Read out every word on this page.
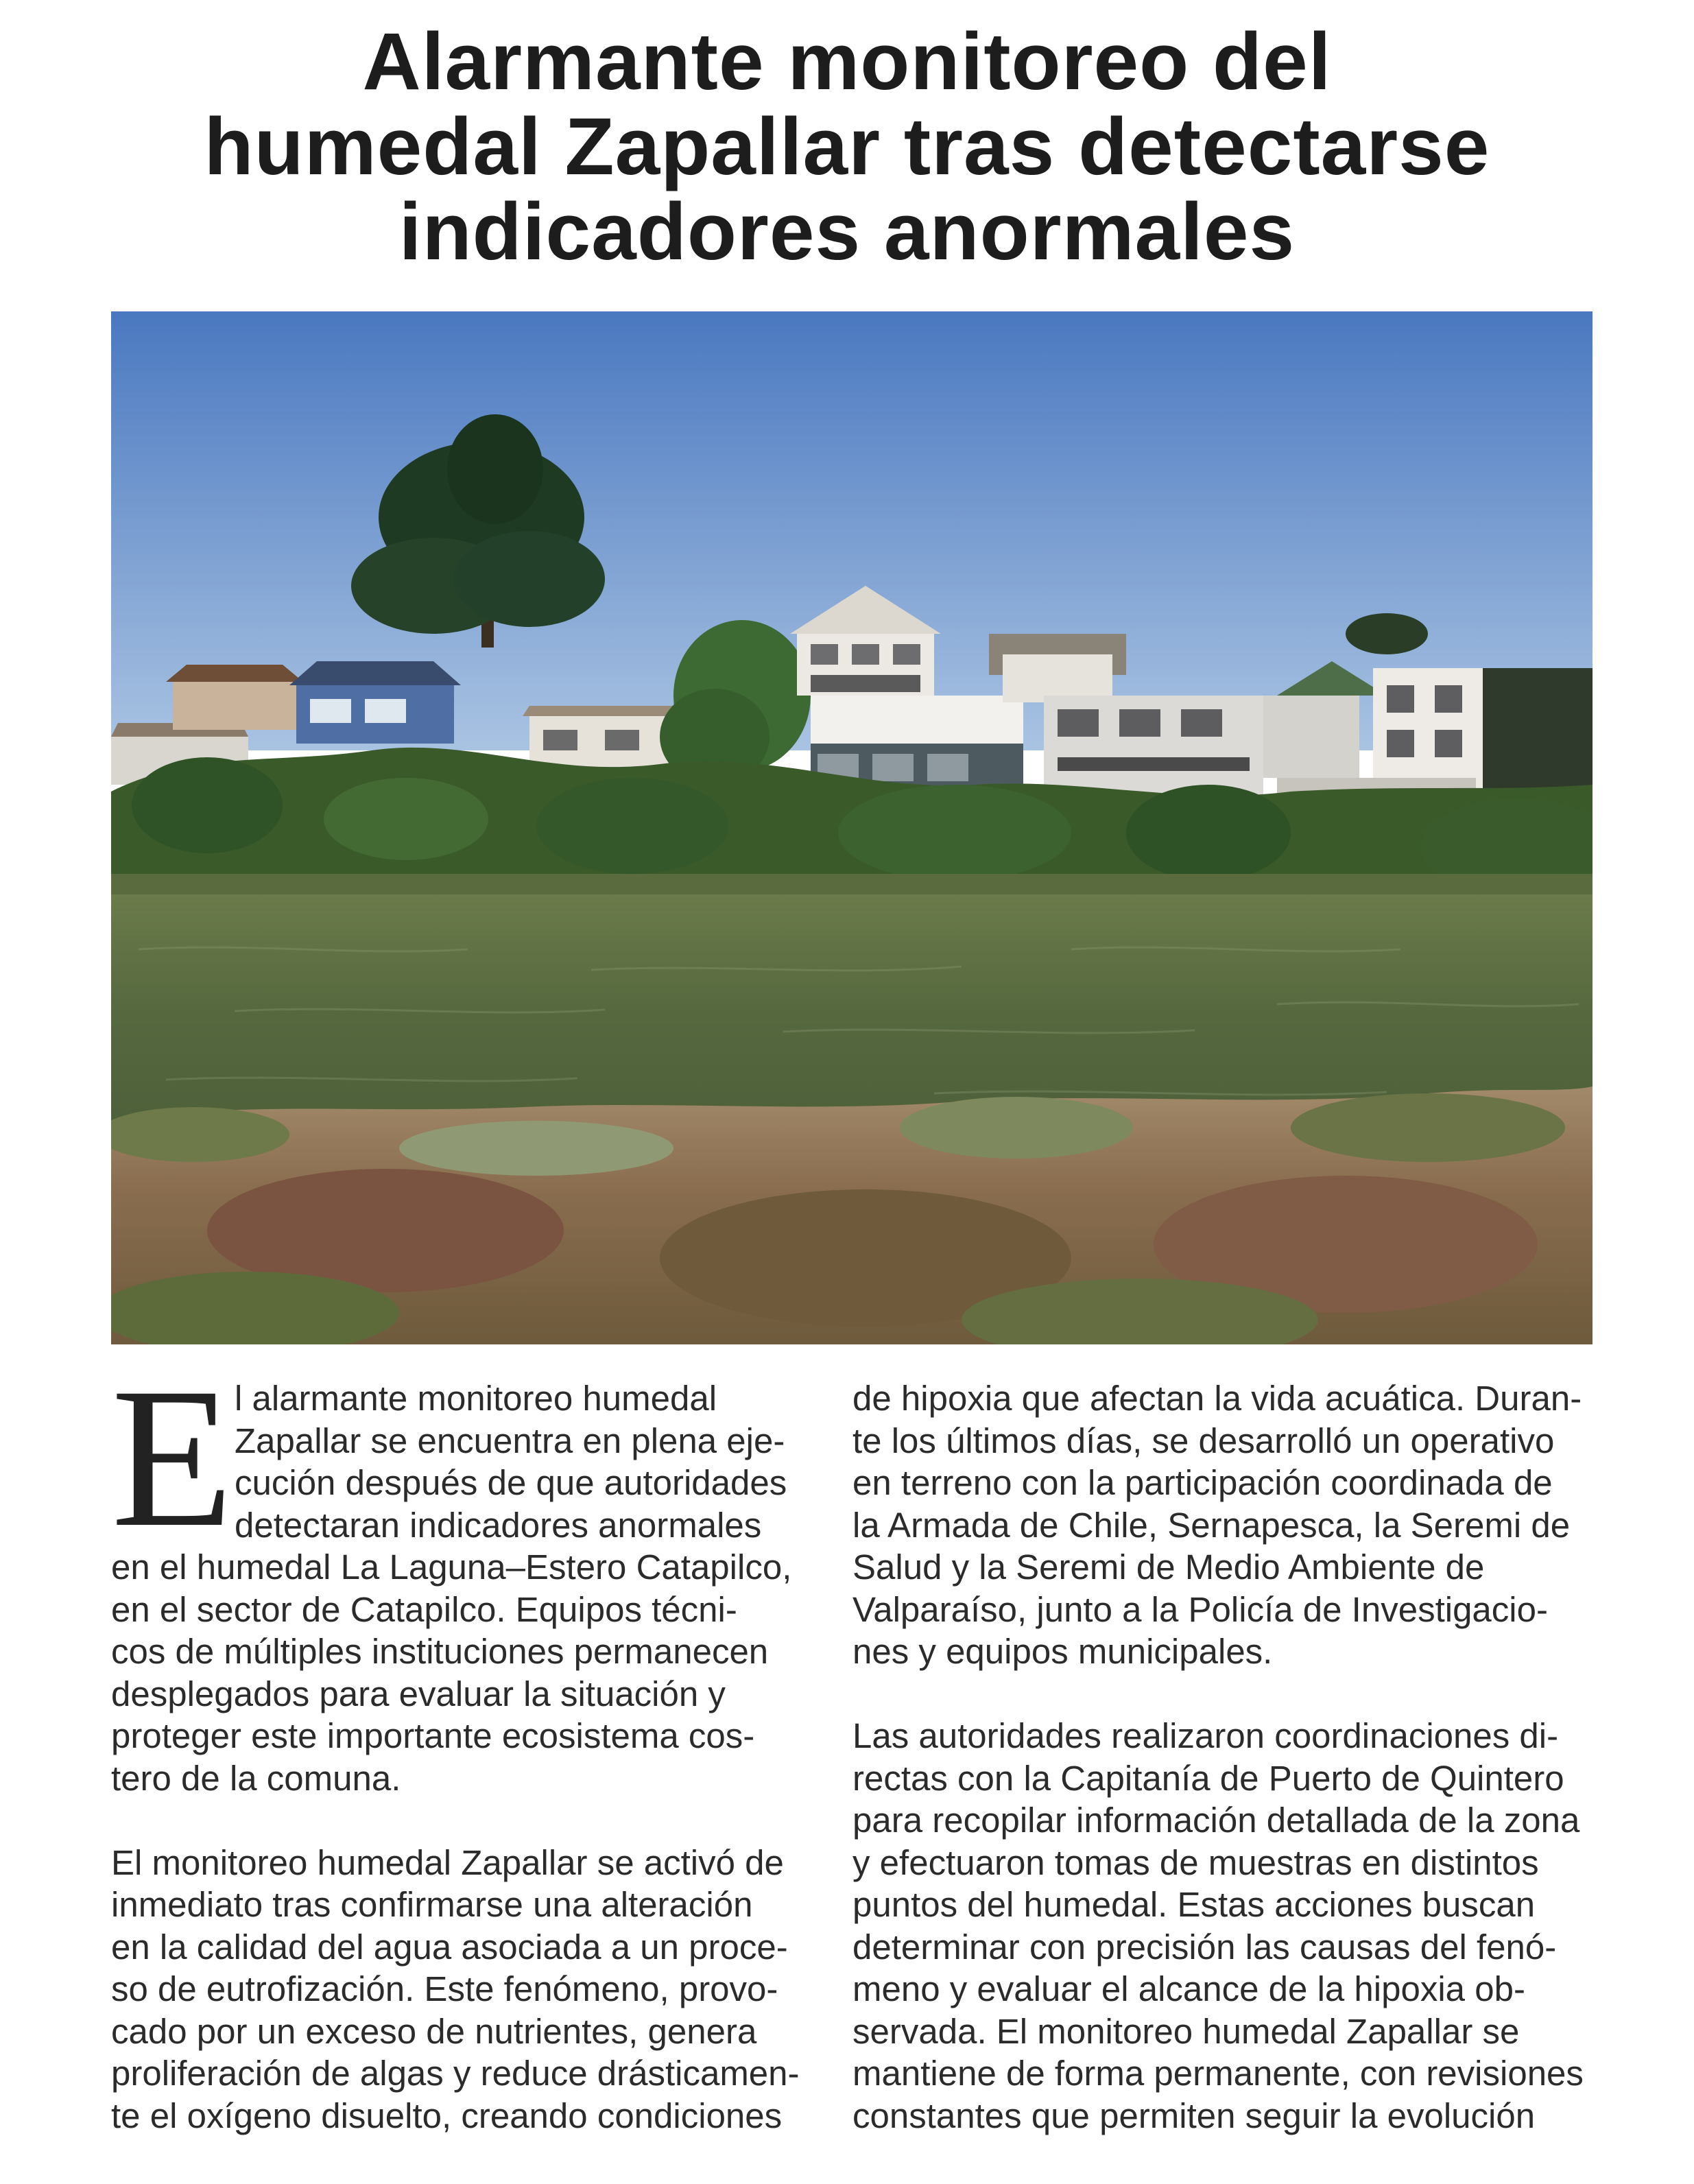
Alarmante monitoreo del
humedal Zapallar tras detectarse
indicadores anormales
E l alarmante monitoreo humedal
Zapallar se encuentra en plena eje-
cución después de que autoridades
detectaran indicadores anormales
en el humedal La Laguna–Estero Catapilco,
en el sector de Catapilco. Equipos técni-
cos de múltiples instituciones permanecen
desplegados para evaluar la situación y
proteger este importante ecosistema cos-
tero de la comuna.

El monitoreo humedal Zapallar se activó de
inmediato tras confirmarse una alteración
en la calidad del agua asociada a un proce-
so de eutrofización. Este fenómeno, provo-
cado por un exceso de nutrientes, genera
proliferación de algas y reduce drásticamen-
te el oxígeno disuelto, creando condiciones

de hipoxia que afectan la vida acuática. Duran-
te los últimos días, se desarrolló un operativo
en terreno con la participación coordinada de
la Armada de Chile, Sernapesca, la Seremi de
Salud y la Seremi de Medio Ambiente de
Valparaíso, junto a la Policía de Investigacio-
nes y equipos municipales.

Las autoridades realizaron coordinaciones di-
rectas con la Capitanía de Puerto de Quintero
para recopilar información detallada de la zona
y efectuaron tomas de muestras en distintos
puntos del humedal. Estas acciones buscan
determinar con precisión las causas del fenó-
meno y evaluar el alcance de la hipoxia ob-
servada. El monitoreo humedal Zapallar se
mantiene de forma permanente, con revisiones
constantes que permiten seguir la evolución
